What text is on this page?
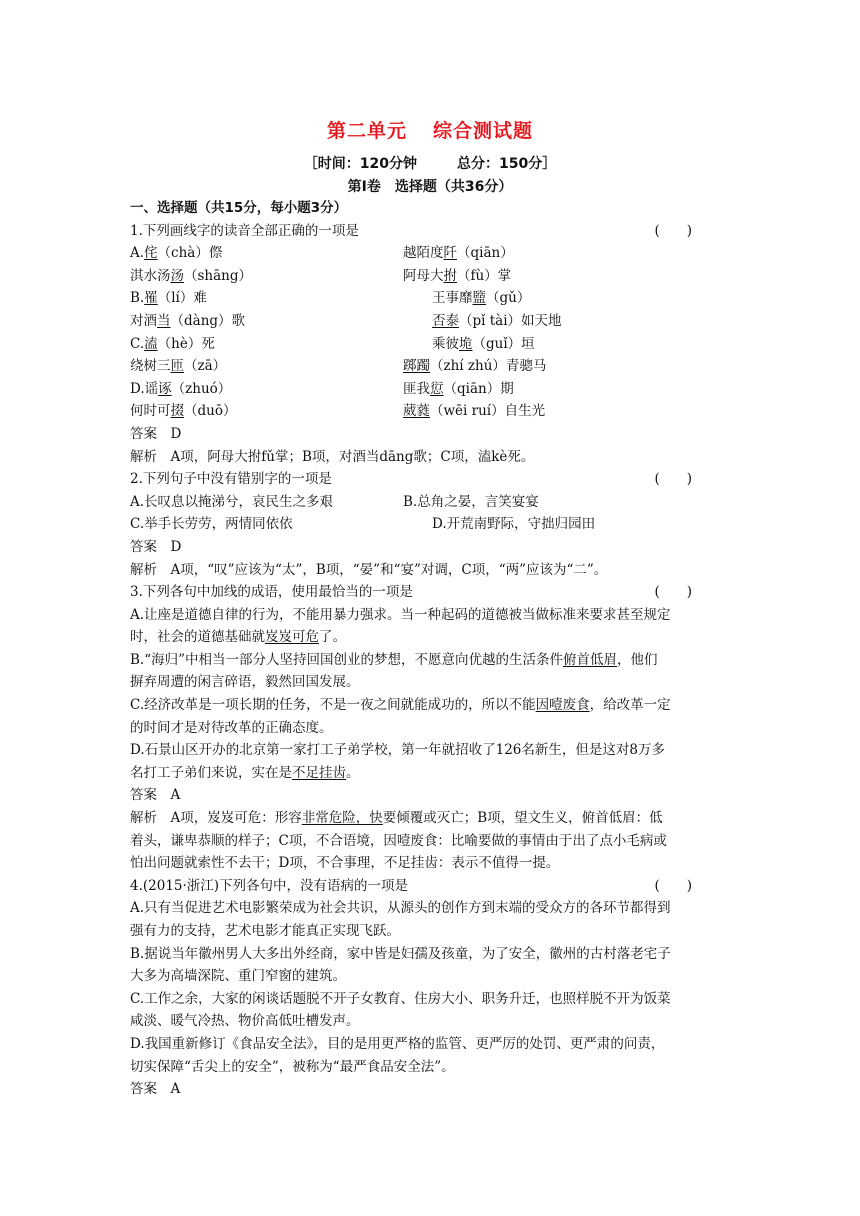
第二单元 综合测试题
［时间：120分钟	总分：150分］
第Ⅰ卷 选择题（共36分）
一、选择题（共15分，每小题3分）
1.下列画线字的读音全部正确的一项是	(　　)
A.侘（chà）傺	越陌度阡（qiān）
淇水汤汤（shāng）	阿母大拊（fù）掌
B.罹（lí）难	王事靡盬（gǔ）
对酒当（dàng）歌	否泰（pǐ tài）如天地
C.溘（hè）死	乘彼垝（guǐ）垣
绕树三匝（zā）	踯躅（zhí zhú）青骢马
D.谣诼（zhuó）	匪我愆（qiān）期
何时可掇（duō）	葳蕤（wēi ruí）自生光
答案　D
解析　A项，阿母大拊fǔ掌；B项，对酒当dāng歌；C项，溘kè死。
2.下列句子中没有错别字的一项是	(　　)
A.长叹息以掩涕兮，哀民生之多艰	B.总角之晏，言笑宴宴
C.举手长劳劳，两情同依依	D.开荒南野际，守拙归园田
答案　D
解析　A项，“叹”应该为“太”，B项，“晏”和“宴”对调，C项，“两”应该为“二”。
3.下列各句中加线的成语，使用最恰当的一项是	(　　)
A.让座是道德自律的行为，不能用暴力强求。当一种起码的道德被当做标准来要求甚至规定
时，社会的道德基础就岌岌可危了。
B.“海归”中相当一部分人坚持回国创业的梦想，不愿意向优越的生活条件俯首低眉，他们
摒弃周遭的闲言碎语，毅然回国发展。
C.经济改革是一项长期的任务，不是一夜之间就能成功的，所以不能因噎废食，给改革一定
的时间才是对待改革的正确态度。
D.石景山区开办的北京第一家打工子弟学校，第一年就招收了126名新生，但是这对8万多
名打工子弟们来说，实在是不足挂齿。
答案　A
解析　A项，岌岌可危：形容非常危险，快要倾覆或灭亡；B项，望文生义，俯首低眉：低
着头，谦卑恭顺的样子；C项，不合语境，因噎废食：比喻要做的事情由于出了点小毛病或
怕出问题就索性不去干；D项，不合事理，不足挂齿：表示不值得一提。
4.(2015·浙江)下列各句中，没有语病的一项是	(　　)
A.只有当促进艺术电影繁荣成为社会共识，从源头的创作方到末端的受众方的各环节都得到
强有力的支持，艺术电影才能真正实现飞跃。
B.据说当年徽州男人大多出外经商，家中皆是妇孺及孩童，为了安全，徽州的古村落老宅子
大多为高墙深院、重门窄窗的建筑。
C.工作之余，大家的闲谈话题脱不开子女教育、住房大小、职务升迁，也照样脱不开为饭菜
咸淡、暖气冷热、物价高低吐槽发声。
D.我国重新修订《食品安全法》，目的是用更严格的监管、更严厉的处罚、更严肃的问责，
切实保障“舌尖上的安全”，被称为“最严食品安全法”。
答案　A
